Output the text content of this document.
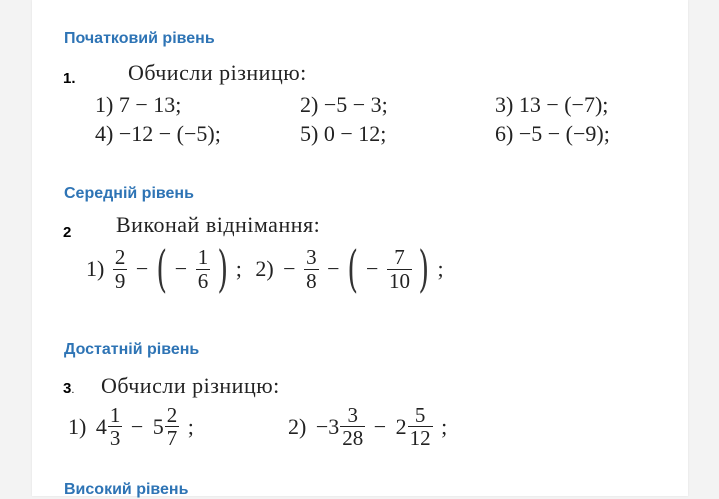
Початковий рівень
1. Обчисли різницю:
1) 7 − 13;	2) −5 − 3;	3) 13 − (−7);
4) −12 − (−5);	5) 0 − 12;	6) −5 − (−9);
Середній рівень
2 Виконай віднімання:
$1) \frac{2}{9}$ − ( − $\frac{1}{6}$ ) ; $2) - \frac{3}{8}$ − ( − $\frac{7}{10}$ ) ;
Достатній рівень
3. Обчисли різницю:
1) $4 \frac{1}{3} - 5 \frac{2}{7}$ ;	$2) -3 \frac{3}{28} - 2 \frac{5}{12}$ ;
Високий рівень
